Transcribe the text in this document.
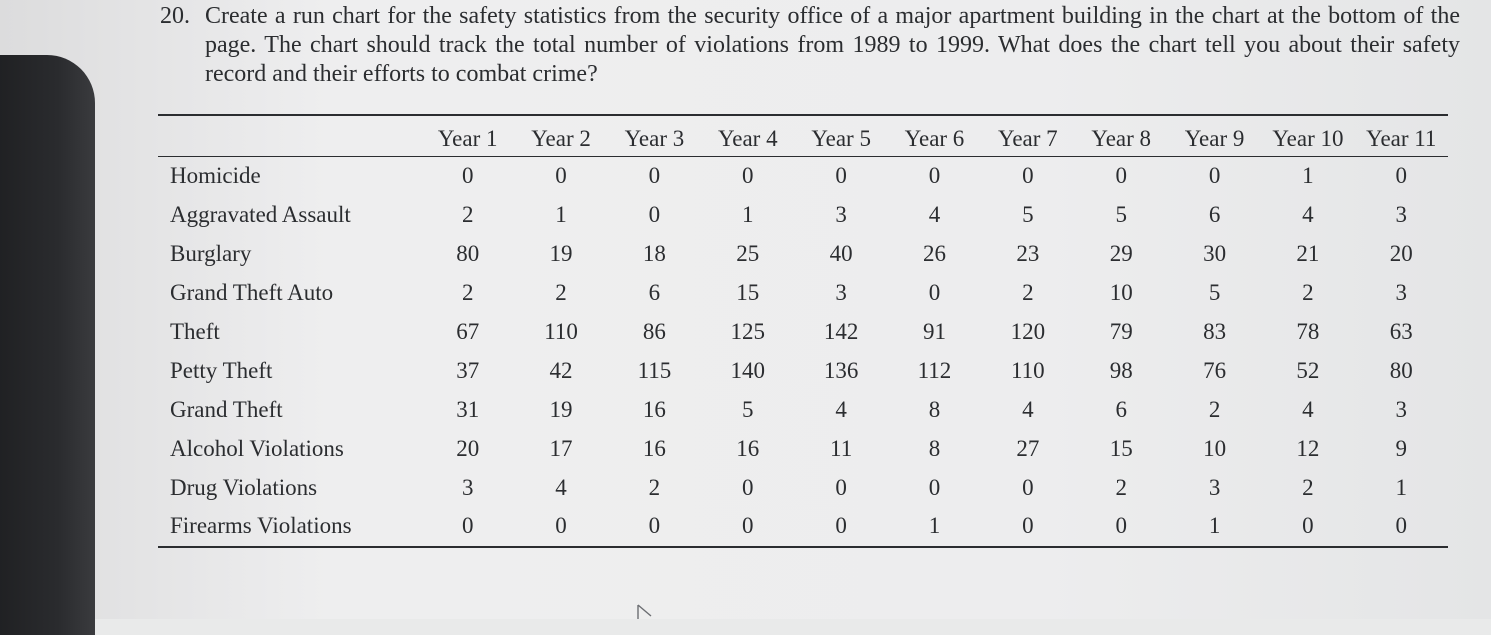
20. Create a run chart for the safety statistics from the security office of a major apartment building in the chart at the bottom of the page. The chart should track the total number of violations from 1989 to 1999. What does the chart tell you about their safety record and their efforts to combat crime?
	Year 1	Year 2	Year 3	Year 4	Year 5	Year 6	Year 7	Year 8	Year 9	Year 10	Year 11
Homicide	0	0	0	0	0	0	0	0	0	1	0
Aggravated Assault	2	1	0	1	3	4	5	5	6	4	3
Burglary	80	19	18	25	40	26	23	29	30	21	20
Grand Theft Auto	2	2	6	15	3	0	2	10	5	2	3
Theft	67	110	86	125	142	91	120	79	83	78	63
Petty Theft	37	42	115	140	136	112	110	98	76	52	80
Grand Theft	31	19	16	5	4	8	4	6	2	4	3
Alcohol Violations	20	17	16	16	11	8	27	15	10	12	9
Drug Violations	3	4	2	0	0	0	0	2	3	2	1
Firearms Violations	0	0	0	0	0	1	0	0	1	0	0
